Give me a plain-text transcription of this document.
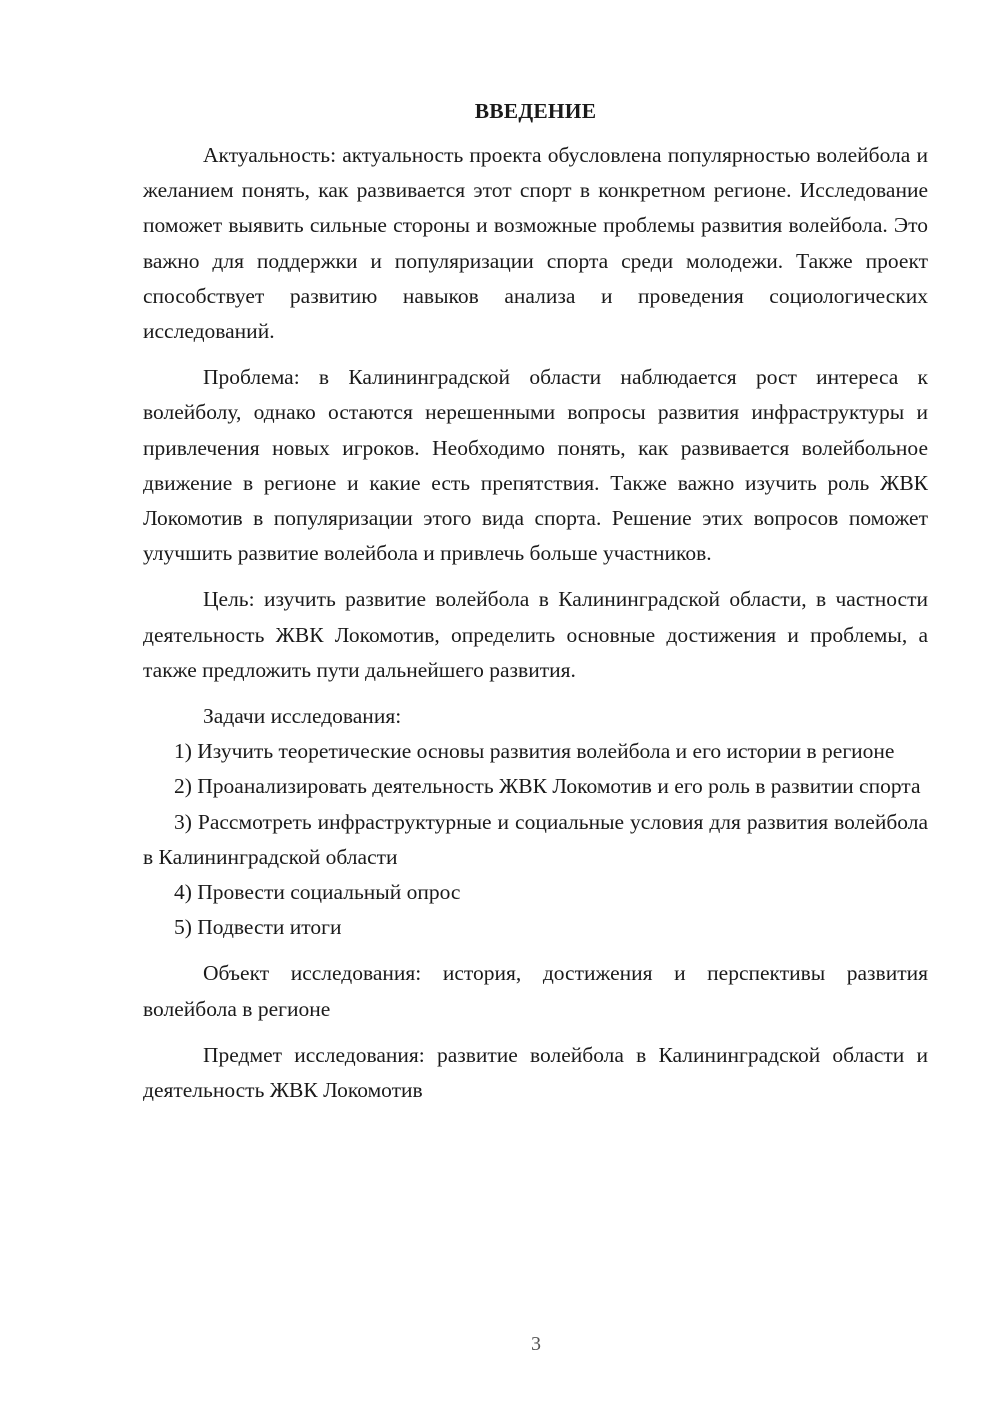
ВВЕДЕНИЕ

Актуальность: актуальность проекта обусловлена популярностью волейбола и желанием понять, как развивается этот спорт в конкретном регионе. Исследование поможет выявить сильные стороны и возможные проблемы развития волейбола. Это важно для поддержки и популяризации спорта среди молодежи. Также проект способствует развитию навыков анализа и проведения социологических исследований.

Проблема: в Калининградской области наблюдается рост интереса к волейболу, однако остаются нерешенными вопросы развития инфраструктуры и привлечения новых игроков. Необходимо понять, как развивается волейбольное движение в регионе и какие есть препятствия. Также важно изучить роль ЖВК Локомотив в популяризации этого вида спорта. Решение этих вопросов поможет улучшить развитие волейбола и привлечь больше участников.

Цель: изучить развитие волейбола в Калининградской области, в частности деятельность ЖВК Локомотив, определить основные достижения и проблемы, а также предложить пути дальнейшего развития.

Задачи исследования:

1) Изучить теоретические основы развития волейбола и его истории в регионе

2) Проанализировать деятельность ЖВК Локомотив и его роль в развитии спорта

3) Рассмотреть инфраструктурные и социальные условия для развития волейбола в Калининградской области

4) Провести социальный опрос

5) Подвести итоги

Объект исследования: история, достижения и перспективы развития волейбола в регионе

Предмет исследования: развитие волейбола в Калининградской области и деятельность ЖВК Локомотив

3
